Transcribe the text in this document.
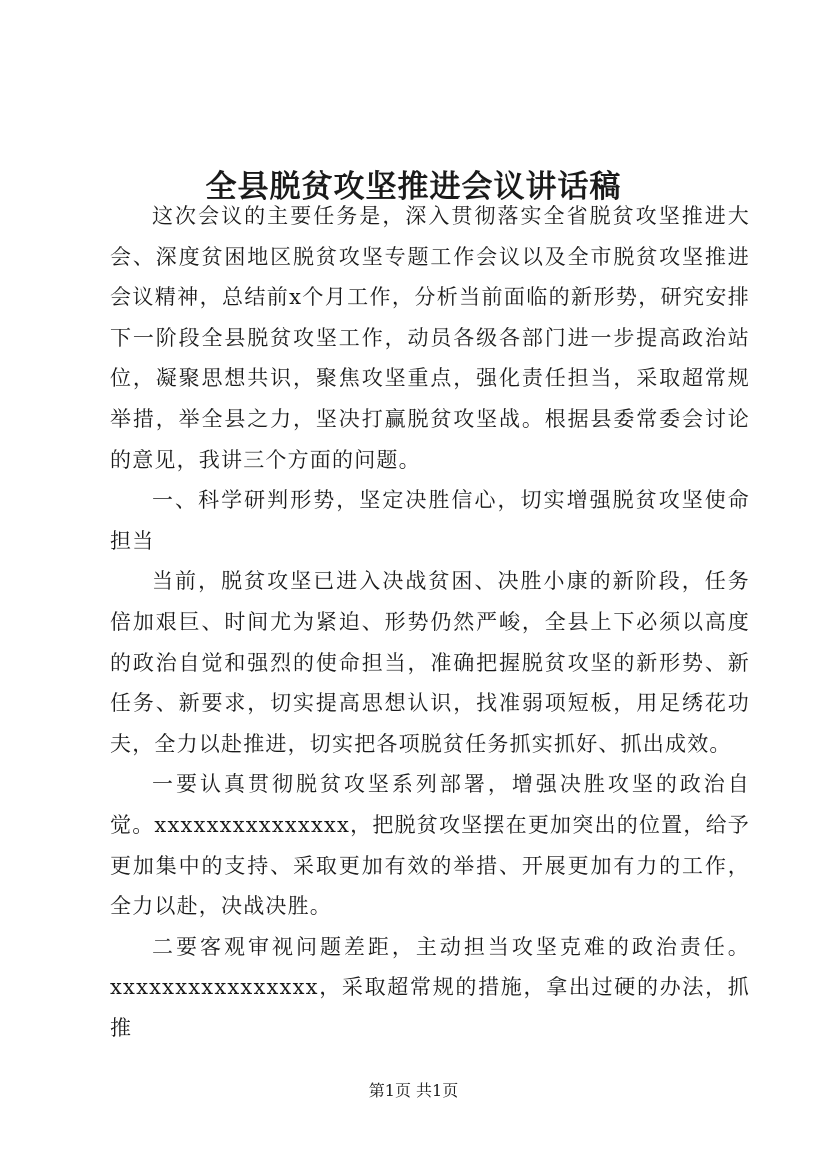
全县脱贫攻坚推进会议讲话稿

这次会议的主要任务是，深入贯彻落实全省脱贫攻坚推进大会、深度贫困地区脱贫攻坚专题工作会议以及全市脱贫攻坚推进会议精神，总结前x个月工作，分析当前面临的新形势，研究安排下一阶段全县脱贫攻坚工作，动员各级各部门进一步提高政治站位，凝聚思想共识，聚焦攻坚重点，强化责任担当，采取超常规举措，举全县之力，坚决打赢脱贫攻坚战。根据县委常委会讨论的意见，我讲三个方面的问题。

一、科学研判形势，坚定决胜信心，切实增强脱贫攻坚使命担当

当前，脱贫攻坚已进入决战贫困、决胜小康的新阶段，任务倍加艰巨、时间尤为紧迫、形势仍然严峻，全县上下必须以高度的政治自觉和强烈的使命担当，准确把握脱贫攻坚的新形势、新任务、新要求，切实提高思想认识，找准弱项短板，用足绣花功夫，全力以赴推进，切实把各项脱贫任务抓实抓好、抓出成效。

一要认真贯彻脱贫攻坚系列部署，增强决胜攻坚的政治自觉。xxxxxxxxxxxxxxx，把脱贫攻坚摆在更加突出的位置，给予更加集中的支持、采取更加有效的举措、开展更加有力的工作，全力以赴，决战决胜。

二要客观审视问题差距，主动担当攻坚克难的政治责任。xxxxxxxxxxxxxxxx，采取超常规的措施，拿出过硬的办法，抓推

第1页 共1页
